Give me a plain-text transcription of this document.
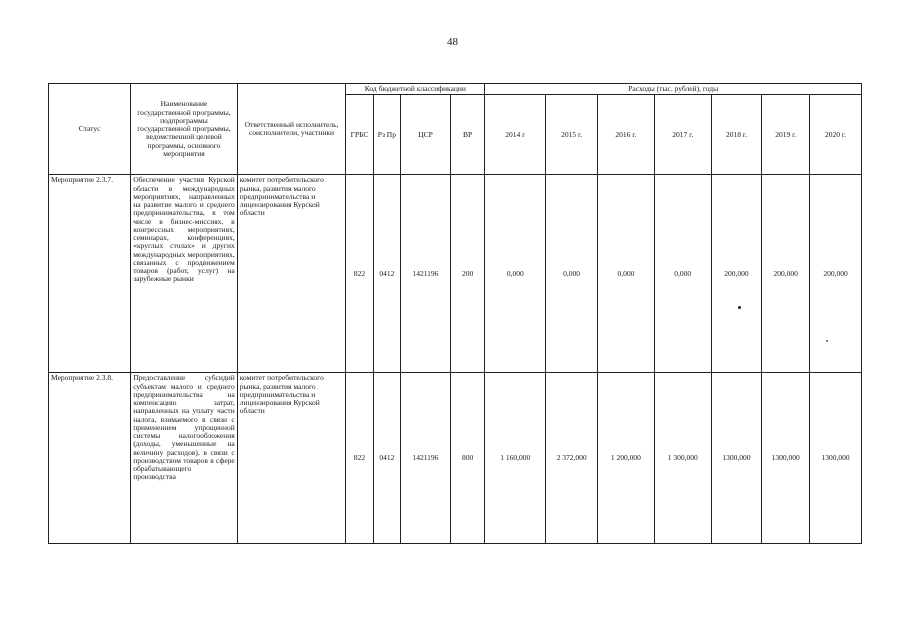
48
Статус	Наименование государственной программы, подпрограммы государственной программы, ведомственной целевой программы, основного мероприятия	Ответственный исполнитель, соисполнители, участники	Код бюджетной классификации				Расходы (тыс. рублей), годы						
			ГРБС	Рз Пр	ЦСР	ВР	2014 г	2015 г.	2016 г.	2017 г.	2018 г.	2019 г.	2020 г.
Мероприятие 2.3.7.	Обеспечение участия Курской области в международных мероприятиях, направленных на развитие малого и среднего предпринимательства, в том числе в бизнес-миссиях, в конгрессных мероприятиях, семинарах, конференциях, «круглых столах» и других международных мероприятиях, связанных с продвижением товаров (работ, услуг) на зарубежные рынки	комитет потребительского рынка, развития малого предпринимательства и лицензирования Курской области	822	0412	1421196	200	0,000	0,000	0,000	0,000	200,000	200,000	200,000
Мероприятие 2.3.8.	Предоставление субсидий субъектам малого и среднего предпринимательства на компенсацию затрат, направленных на уплату части налога, взимаемого в связи с применением упрощенной системы налогообложения (доходы, уменьшенные на величину расходов), в связи с производством товаров в сфере обрабатывающего производства	комитет потребительского рынка, развития малого предпринимательства и лицензирования Курской области	822	0412	1421196	800	1 160,000	2 372,000	1 200,000	1 300,000	1300,000	1300,000	1300,000
